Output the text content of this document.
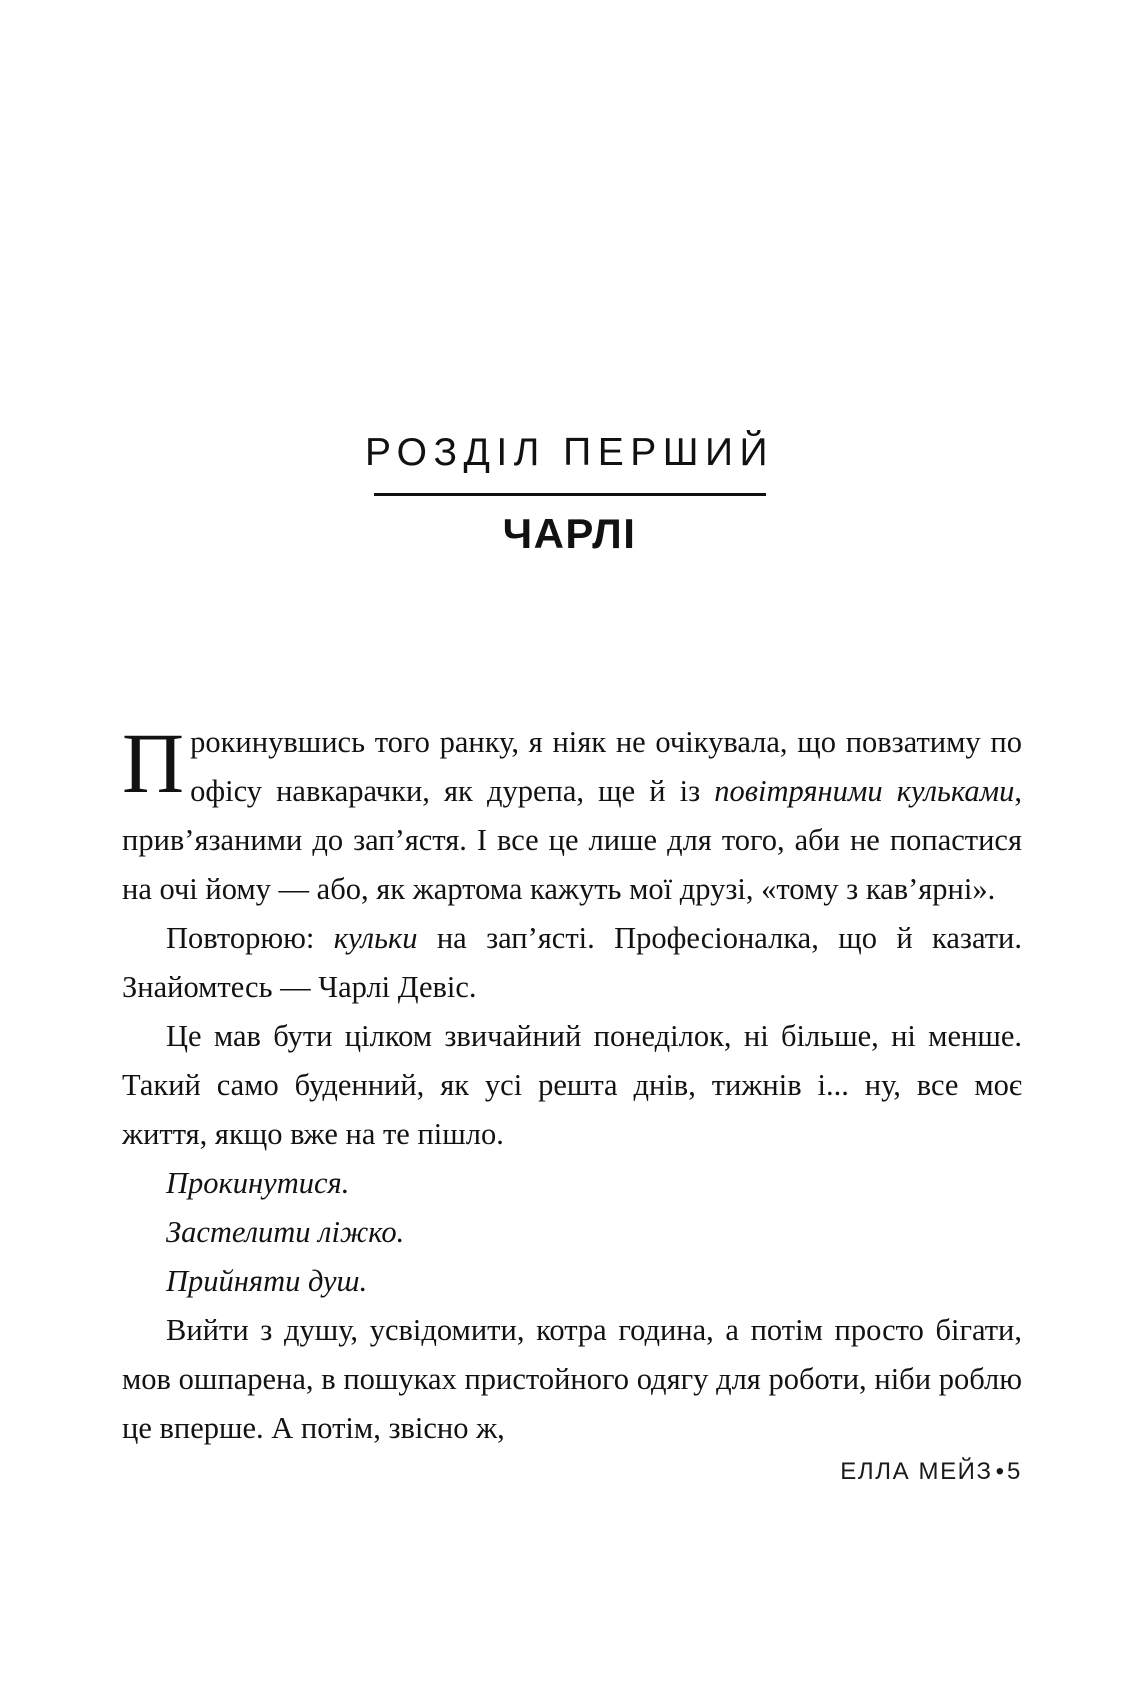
РОЗДІЛ ПЕРШИЙ
ЧАРЛІ

Прокинувшись того ранку, я ніяк не очікувала, що повзатиму по офісу навкарачки, як дурепа, ще й із повітряними кульками, прив’язаними до зап’ястя. І все це лише для того, аби не попастися на очі йому — або, як жартома кажуть мої друзі, «тому з кав’ярні».

Повторюю: кульки на зап’ясті. Професіоналка, що й казати. Знайомтесь — Чарлі Девіс.

Це мав бути цілком звичайний понеділок, ні більше, ні менше. Такий само буденний, як усі решта днів, тижнів і... ну, все моє життя, якщо вже на те пішло.

Прокинутися.

Застелити ліжко.

Прийняти душ.

Вийти з душу, усвідомити, котра година, а потім просто бігати, мов ошпарена, в пошуках пристойного одягу для роботи, ніби роблю це вперше. А потім, звісно ж,

ЕЛЛА МЕЙЗ • 5
